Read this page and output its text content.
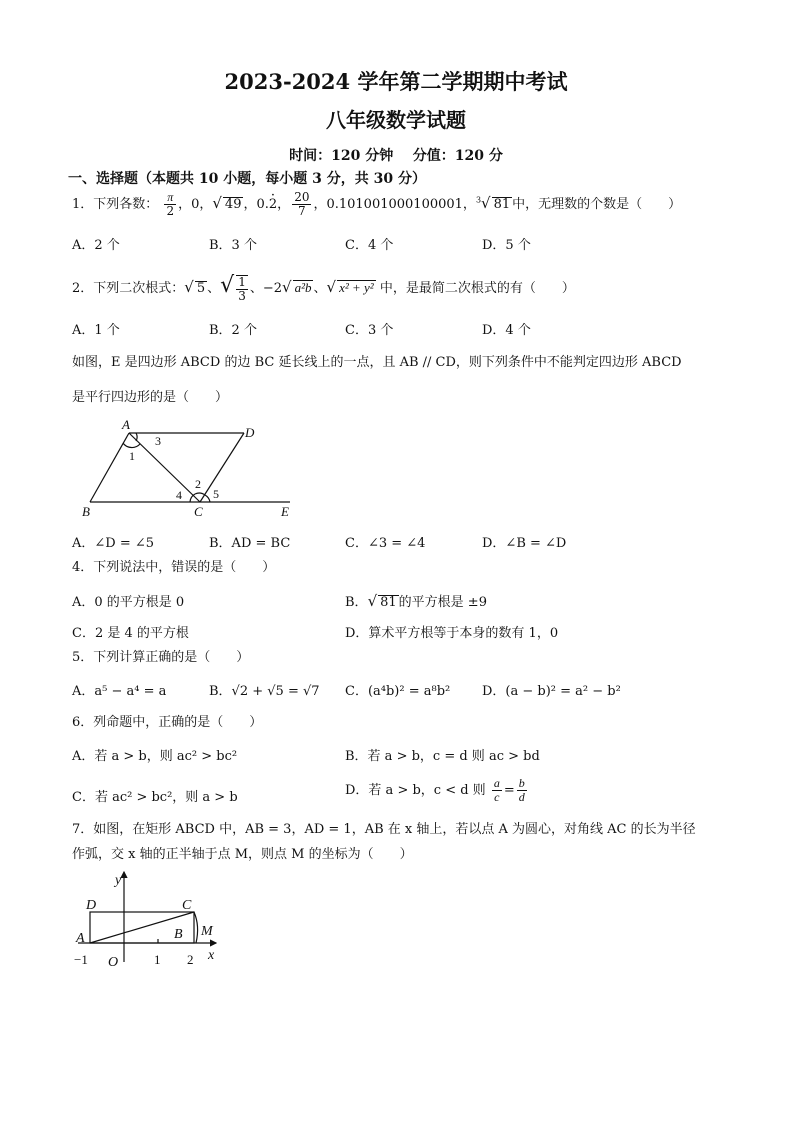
2023-2024 学年第二学期期中考试
八年级数学试题
时间：120 分钟    分值：120 分
一、选择题（本题共 10 小题，每小题 3 分，共 30 分）
1．下列各数： $\frac{\pi}{2}$ ，0，√ 49 ，0.2 ·， $\frac{20}{7}$ ，0.101001000100001，$^3$√ 81 中，无理数的个数是（　　）
A．2 个	B．3 个	C．4 个	D．5 个
2．下列二次根式：√ 5 、√ $\frac{1}{3}$ 、−2√ a²b 、√ x² + y² 中，是最简二次根式的有（　　）
A．1 个	B．2 个	C．3 个	D．4 个
如图，E 是四边形 ABCD 的边 BC 延长线上的一点，且 AB // CD，则下列条件中不能判定四边形 ABCD
是平行四边形的是（　　）
A
D
B	C	E
1
3
2
4	5
A．∠D = ∠5	B．AD = BC	C．∠3 = ∠4	D．∠B = ∠D
4．下列说法中，错误的是（　　）
A．0 的平方根是 0	B．√ 81 的平方根是 ±9
C．2 是 4 的平方根	D．算术平方根等于本身的数有 1，0
5．下列计算正确的是（　　）
A．a⁵ − a⁴ = a	B．√2 + √5 = √7 C．(a⁴b)² = a⁸b² D．(a − b)² = a² − b²
6．列命题中，正确的是（　　）
A．若 a > b，则 ac² > bc²	B．若 a > b，c = d 则 ac > bd
C．若 ac² > bc²，则 a > b	D．若 a > b，c < d 则 $\frac{a}{c} = \frac{b}{d}$
7．如图，在矩形 ABCD 中，AB = 3，AD = 1，AB 在 x 轴上，若以点 A 为圆心，对角线 AC 的长为半径
作弧，交 x 轴的正半轴于点 M，则点 M 的坐标为（　　）
y
x
D	C
A	B M
O
−1	1 2
